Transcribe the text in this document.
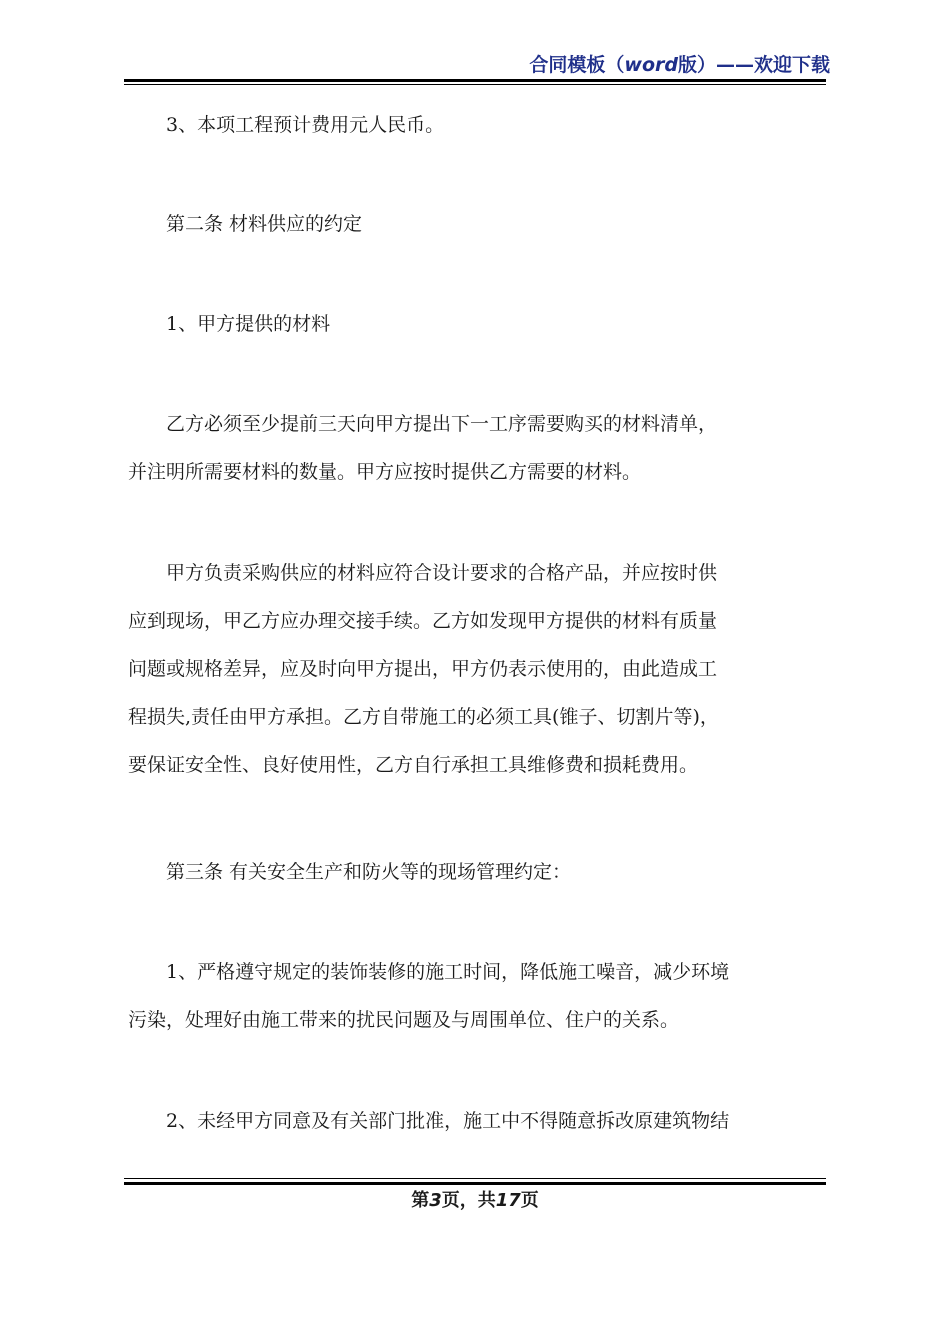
合同模板（word版）——欢迎下载

　　3、本项工程预计费用元人民币。

　　第二条 材料供应的约定

　　1、甲方提供的材料

　　乙方必须至少提前三天向甲方提出下一工序需要购买的材料清单，
并注明所需要材料的数量。甲方应按时提供乙方需要的材料。

　　甲方负责采购供应的材料应符合设计要求的合格产品，并应按时供
应到现场，甲乙方应办理交接手续。乙方如发现甲方提供的材料有质量
问题或规格差异，应及时向甲方提出，甲方仍表示使用的，由此造成工
程损失,责任由甲方承担。乙方自带施工的必须工具(锥子、切割片等)，
要保证安全性、良好使用性，乙方自行承担工具维修费和损耗费用。

　　第三条 有关安全生产和防火等的现场管理约定：

　　1、严格遵守规定的装饰装修的施工时间，降低施工噪音，减少环境
污染，处理好由施工带来的扰民问题及与周围单位、住户的关系。

　　2、未经甲方同意及有关部门批准，施工中不得随意拆改原建筑物结

第3页，共17页
